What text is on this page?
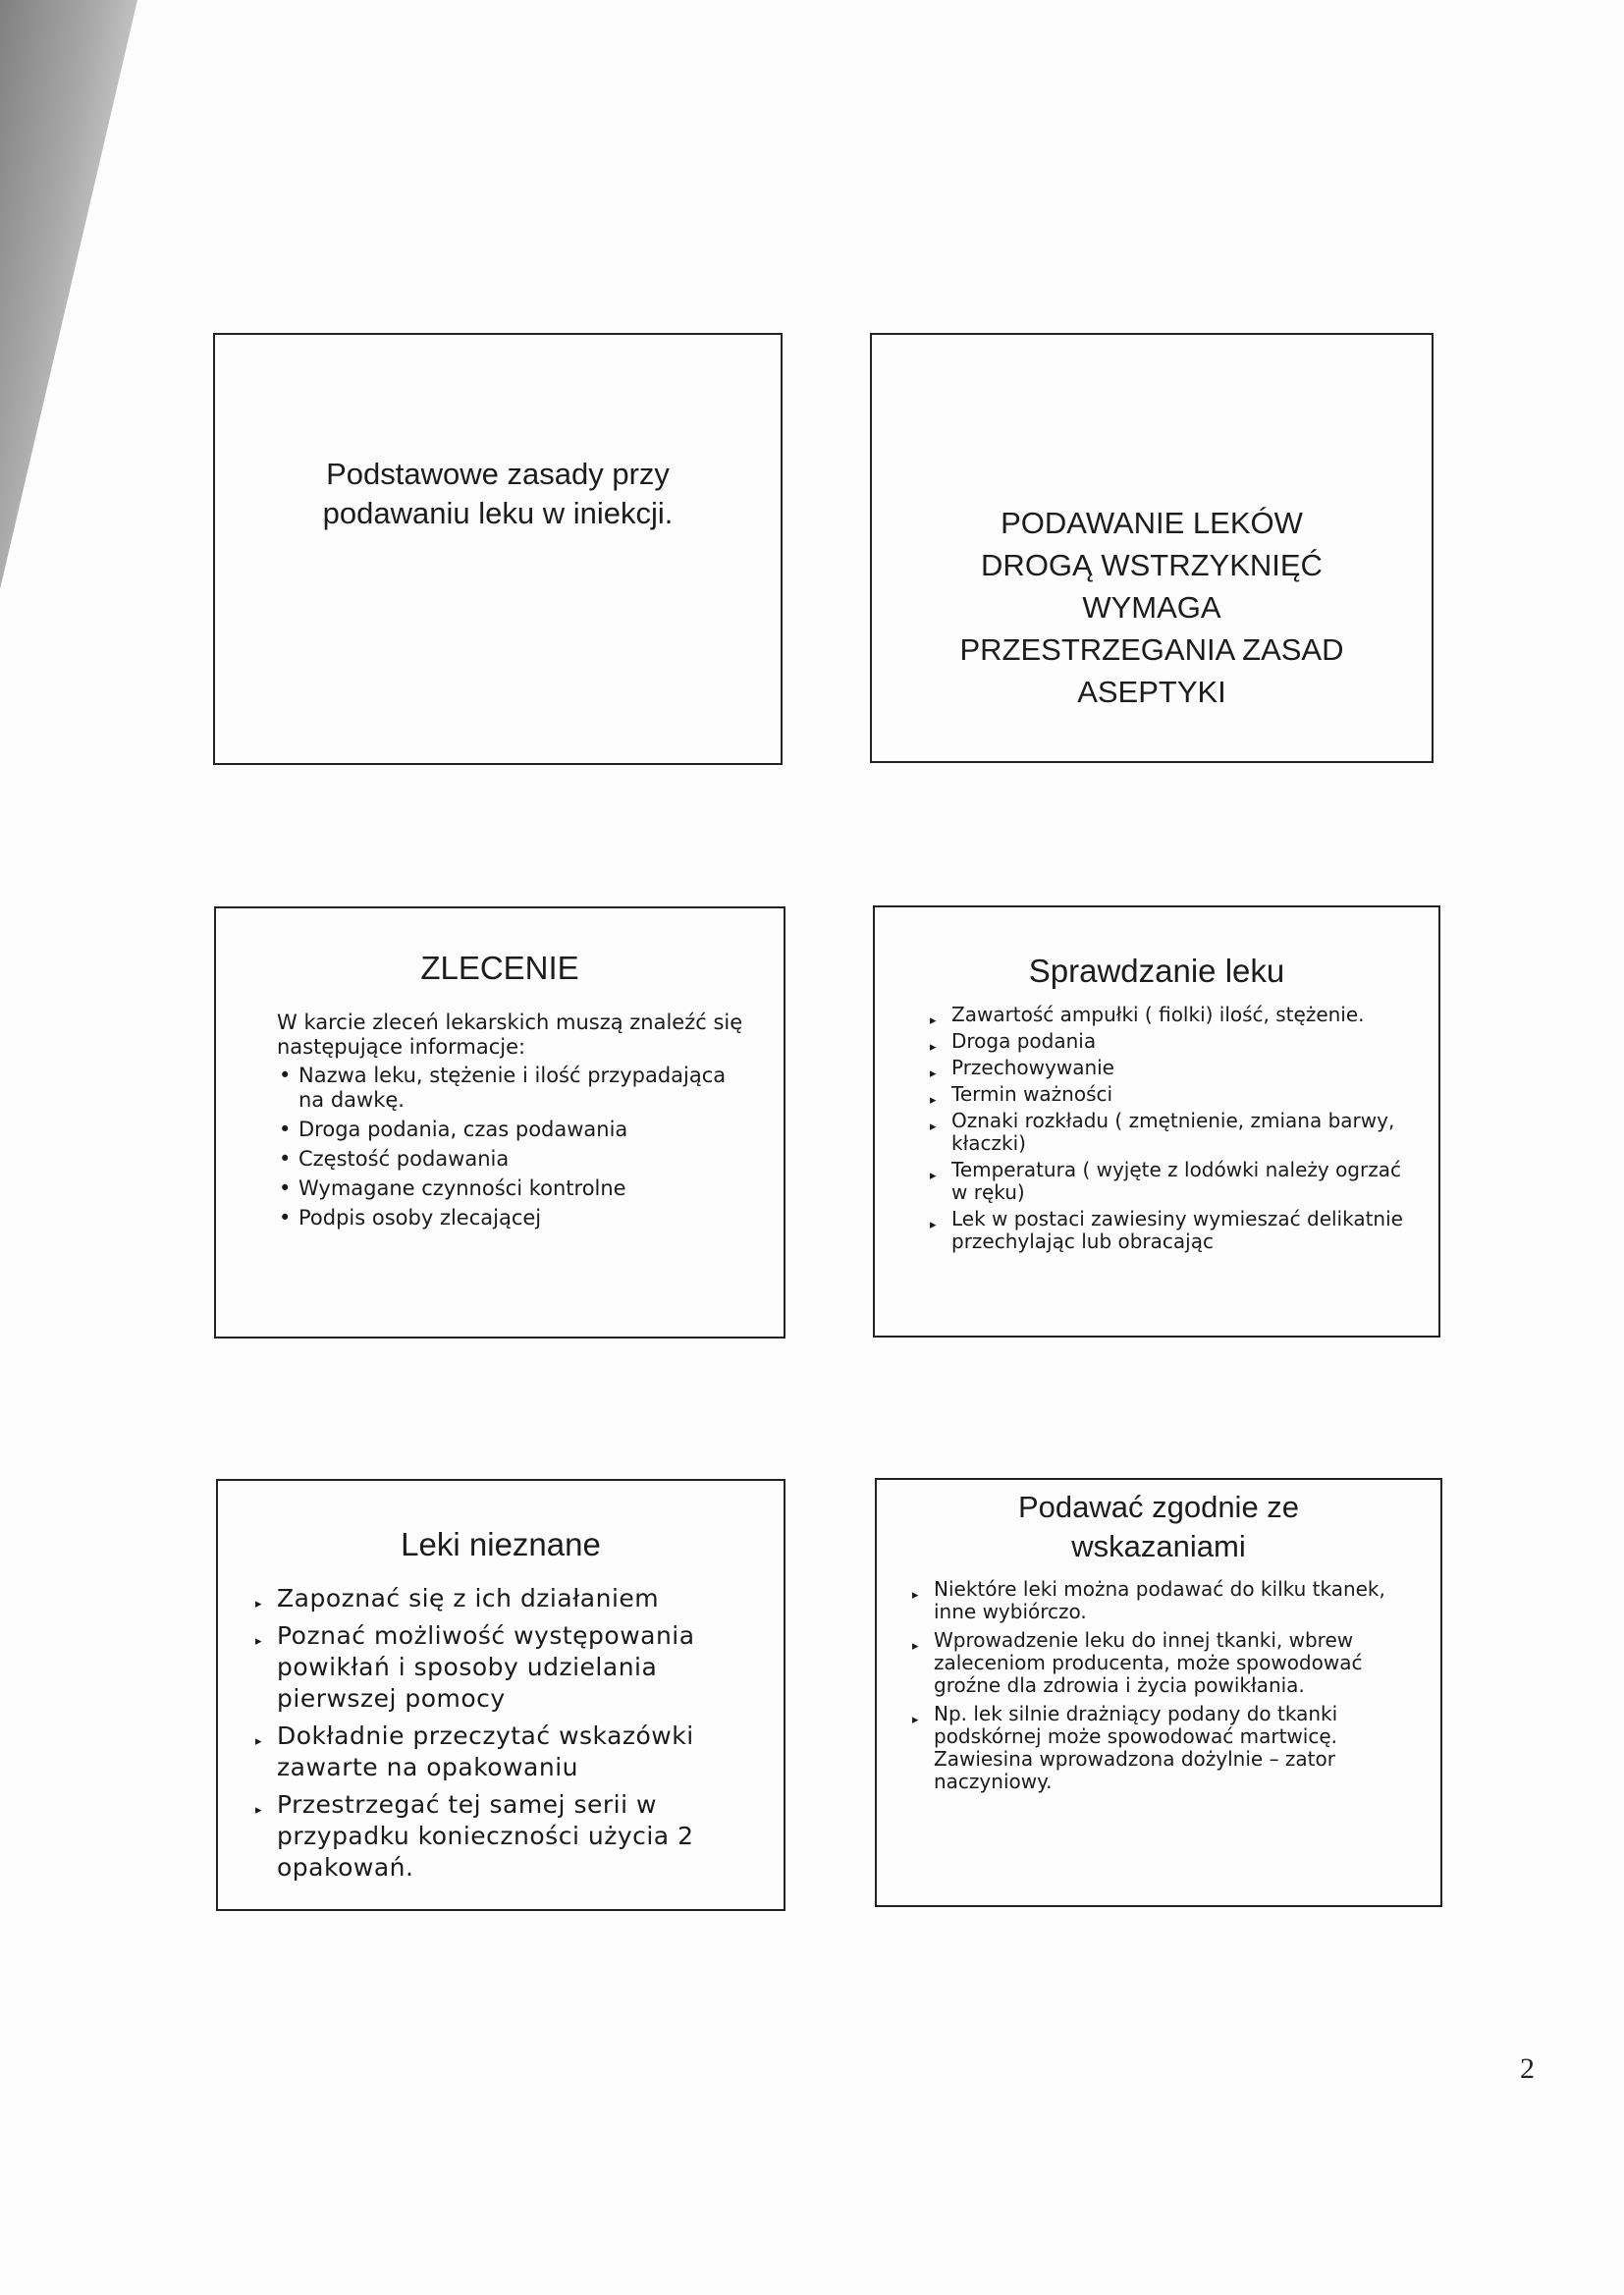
Podstawowe zasady przy
podawaniu leku w iniekcji.	PODAWANIE LEKÓW
DROGĄ WSTRZYKNIĘĆ
WYMAGA
PRZESTRZEGANIA ZASAD
ASEPTYKI
ZLECENIE
W karcie zleceń lekarskich muszą znaleźć się następujące informacje:
• Nazwa leku, stężenie i ilość przypadająca na dawkę.
• Droga podania, czas podawania
• Częstość podawania
• Wymagane czynności kontrolne
• Podpis osoby zlecającej
Sprawdzanie leku
▸ Zawartość ampułki ( fiolki) ilość, stężenie.
▸ Droga podania
▸ Przechowywanie
▸ Termin ważności
▸ Oznaki rozkładu ( zmętnienie, zmiana barwy, kłaczki)
▸ Temperatura ( wyjęte z lodówki należy ogrzać w ręku)
▸ Lek w postaci zawiesiny wymieszać delikatnie przechylając lub obracając
Leki nieznane
▸ Zapoznać się z ich działaniem
▸ Poznać możliwość występowania powikłań i sposoby udzielania pierwszej pomocy
▸ Dokładnie przeczytać wskazówki zawarte na opakowaniu
▸ Przestrzegać tej samej serii w przypadku konieczności użycia 2 opakowań.
Podawać zgodnie ze
wskazaniami
▸ Niektóre leki można podawać do kilku tkanek, inne wybiórczo.
▸ Wprowadzenie leku do innej tkanki, wbrew zaleceniom producenta, może spowodować groźne dla zdrowia i życia powikłania.
▸ Np. lek silnie drażniący podany do tkanki podskórnej może spowodować martwicę. Zawiesina wprowadzona dożylnie – zator naczyniowy.
2
